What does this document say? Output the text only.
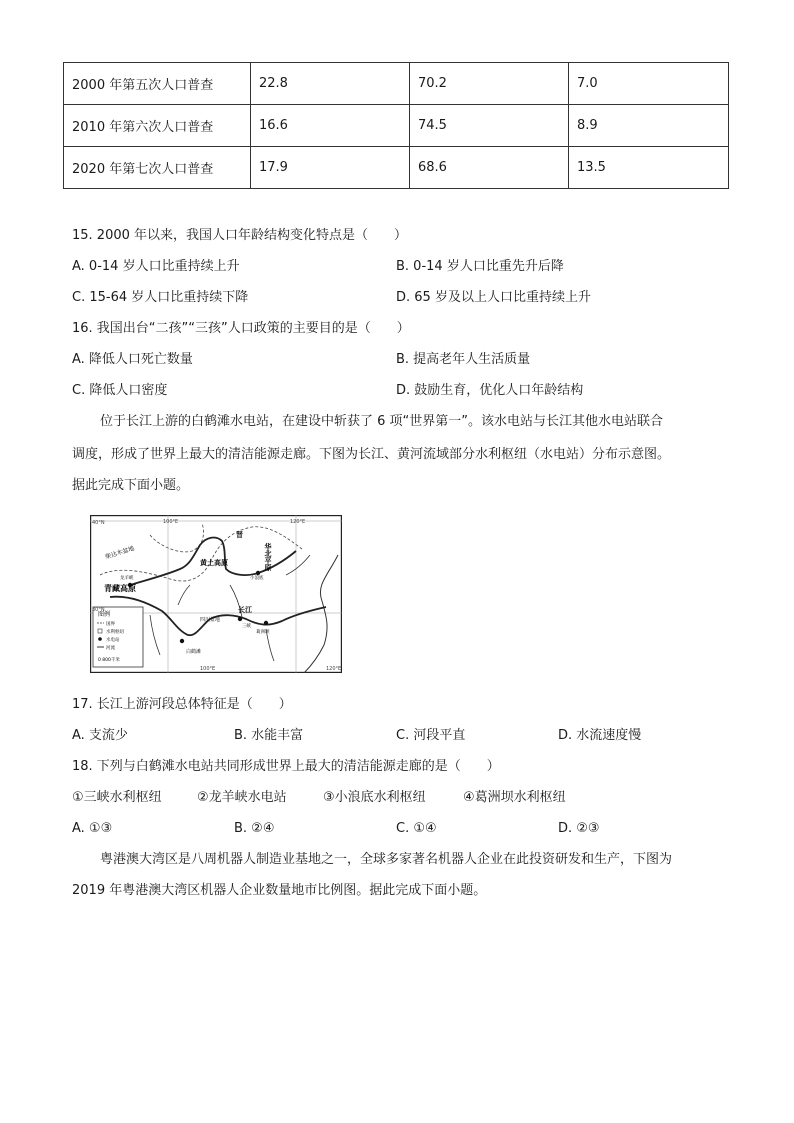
2000 年第五次人口普查	22.8	70.2	7.0
2010 年第六次人口普查	16.6	74.5	8.9
2020 年第七次人口普查	17.9	68.6	13.5
15. 2000 年以来，我国人口年龄结构变化特点是（　　）
A. 0-14 岁人口比重持续上升	B. 0-14 岁人口比重先升后降
C. 15-64 岁人口比重持续下降	D. 65 岁及以上人口比重持续上升
16. 我国出台“二孩”“三孩”人口政策的主要目的是（　　）
A. 降低人口死亡数量	B. 提高老年人生活质量
C. 降低人口密度	D. 鼓励生育，优化人口年龄结构
位于长江上游的白鹤滩水电站，在建设中斩获了 6 项“世界第一”。该水电站与长江其他水电站联合
调度，形成了世界上最大的清洁能源走廊。下图为长江、黄河流域部分水利枢纽（水电站）分布示意图。
据此完成下面小题。
图例
国界
水利枢纽
水电站
河流
0 800千米
100°E	120°E
100°E	120°E
40°N
30°N
柴达木盆地
青藏高原
黄土高原
晋
华北平原
四川盆地
长江
白鹤滩
小浪底
三峡
葛洲坝
龙羊峡
17. 长江上游河段总体特征是（　　）
A. 支流少	B. 水能丰富	C. 河段平直	D. 水流速度慢
18. 下列与白鹤滩水电站共同形成世界上最大的清洁能源走廊的是（　　）
①三峡水利枢纽	②龙羊峡水电站	③小浪底水利枢纽	④葛洲坝水利枢纽
A. ①③	B. ②④	C. ①④	D. ②③
粤港澳大湾区是八周机器人制造业基地之一，全球多家著名机器人企业在此投资研发和生产，下图为
2019 年粤港澳大湾区机器人企业数量地市比例图。据此完成下面小题。
